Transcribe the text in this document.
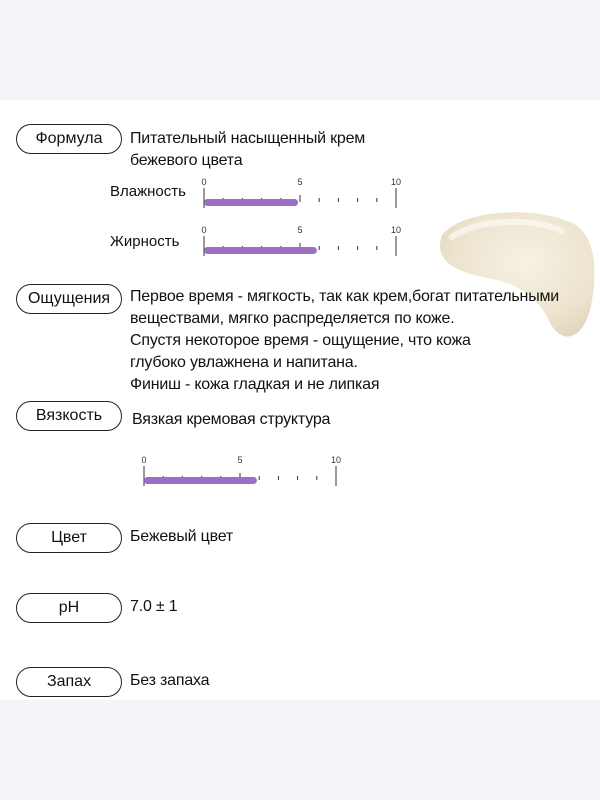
Формула Питательный насыщенный крем
бежевого цвета
Влажность
0	5	10
Жирность
0	5	10
Ощущения Первое время - мягкость, так как крем,богат питательными
веществами, мягко распределяется по коже.
Спустя некоторое время - ощущение, что кожа
глубоко увлажнена и напитана.
Финиш - кожа гладкая и не липкая
Вязкость Вязкая кремовая структура
0	5	10
Цвет	Бежевый цвет
pH	7.0 ± 1
Запах Без запаха
